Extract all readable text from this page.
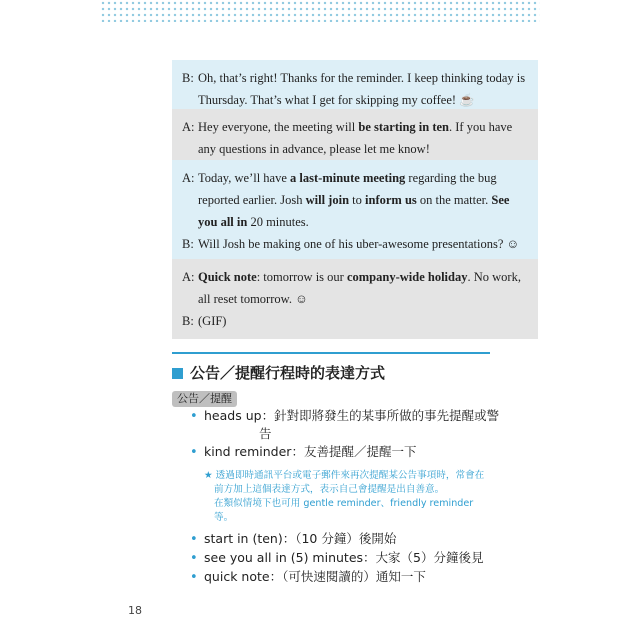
B: Oh, that’s right! Thanks for the reminder. I keep thinking today is Thursday. That’s what I get for skipping my coffee! ☕
A: Hey everyone, the meeting will be starting in ten. If you have any questions in advance, please let me know!
A: Today, we’ll have a last-minute meeting regarding the bug reported earlier. Josh will join to inform us on the matter. See you all in 20 minutes.
B: Will Josh be making one of his uber-awesome presentations? ☺
A: Quick note: tomorrow is our company-wide holiday. No work, all reset tomorrow. ☺
B: (GIF)
公告／提醒行程時的表達方式
公告／提醒
• heads up：針對即將發生的某事所做的事先提醒或警
告
• kind reminder：友善提醒／提醒一下
★ 透過即時通訊平台或電子郵件來再次提醒某公告事項時，常會在
前方加上這個表達方式，表示自己會提醒是出自善意。
在類似情境下也可用 gentle reminder、friendly reminder
等。
• start in (ten)：（10 分鐘）後開始
• see you all in (5) minutes：大家（5）分鐘後見
• quick note：（可快速閱讀的）通知一下
18
